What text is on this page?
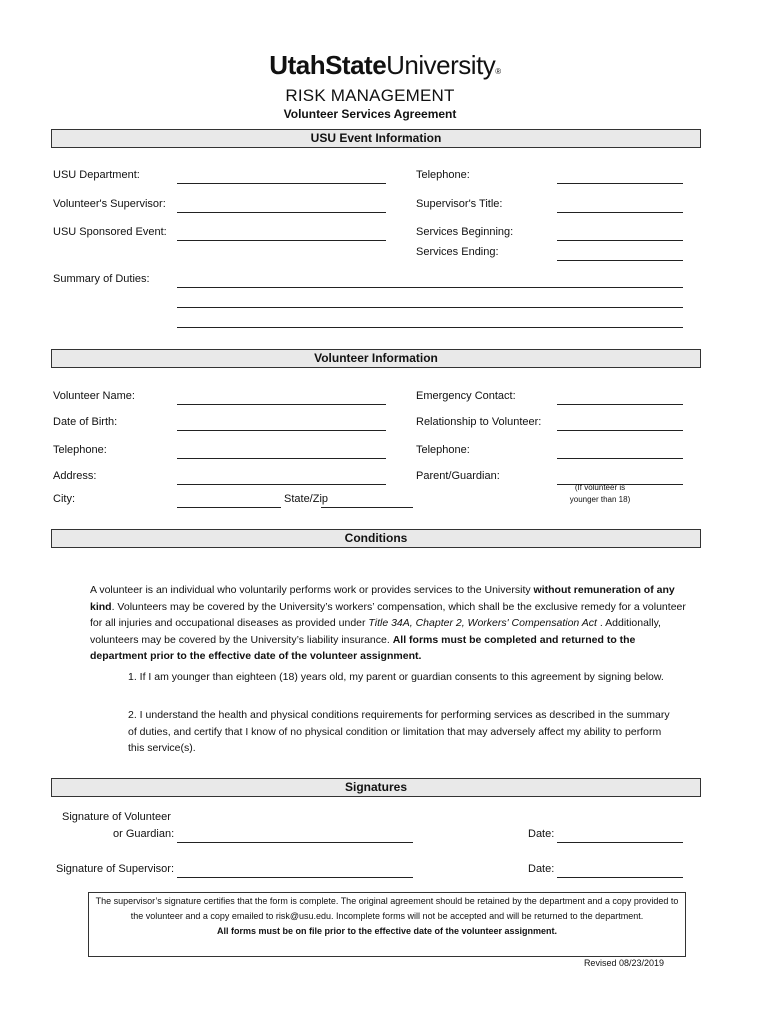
UtahStateUniversity®
RISK MANAGEMENT
Volunteer Services Agreement
USU Event Information
USU Department:	Telephone:
Volunteer's Supervisor:	Supervisor's Title:
USU Sponsored Event:	Services Beginning:
Services Ending:
Summary of Duties:
Volunteer Information
Volunteer Name:	Emergency Contact:
Date of Birth:	Relationship to Volunteer:
Telephone:	Telephone:
Address:	Parent/Guardian:
(If volunteer is
younger than 18)
City:	State/Zip
Conditions
A volunteer is an individual who voluntarily performs work or provides services to the University without remuneration of any kind. Volunteers may be covered by the University’s workers’ compensation, which shall be the exclusive remedy for a volunteer for all injuries and occupational diseases as provided under Title 34A, Chapter 2, Workers' Compensation Act . Additionally, volunteers may be covered by the University’s liability insurance. All forms must be completed and returned to the department prior to the effective date of the volunteer assignment.
1. If I am younger than eighteen (18) years old, my parent or guardian consents to this agreement by signing below.
2. I understand the health and physical conditions requirements for performing services as described in the summary of duties, and certify that I know of no physical condition or limitation that may adversely affect my ability to perform this service(s).
Signatures
Signature of Volunteer
or Guardian:	Date:
Signature of Supervisor:	Date:
The supervisor’s signature certifies that the form is complete. The original agreement should be retained by the department and a copy provided to the volunteer and a copy emailed to risk@usu.edu. Incomplete forms will not be accepted and will be returned to the department.
All forms must be on file prior to the effective date of the volunteer assignment.
Revised 08/23/2019
